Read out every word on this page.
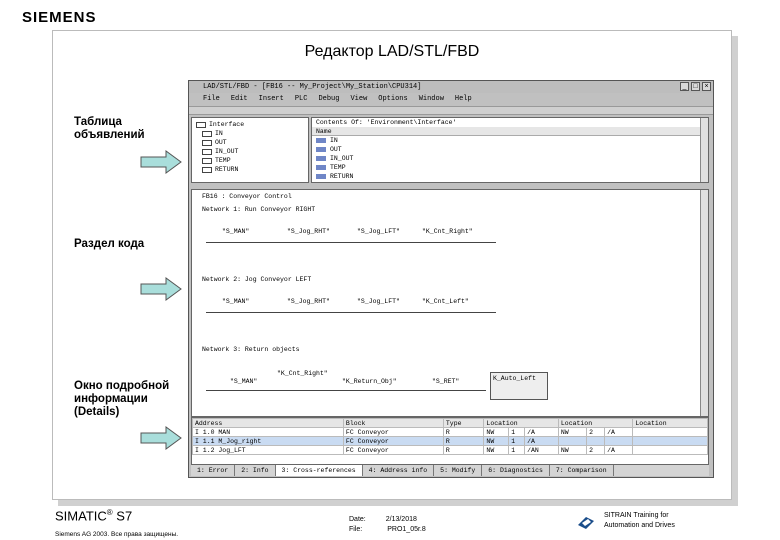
SIEMENS
Редактор LAD/STL/FBD
Таблица объявлений
Раздел кода
Окно подробной информации (Details)
LAD/STL/FBD - [FB16 -- My_Project\My_Station\CPU314]	_ □ ×
File Edit Insert PLC Debug View Options Window Help
Interface
IN
OUT
IN_OUT
TEMP
RETURN
Contents Of: 'Environment\Interface'
Name
IN
OUT
IN_OUT
TEMP
RETURN
FB16 : Conveyor Control
Network 1: Run Conveyor RIGHT
"S_MAN"	"S_Jog_RHT"	"S_Jog_LFT"	"K_Cnt_Right"
Network 2: Jog Conveyor LEFT
"S_MAN"	"S_Jog_RHT"	"S_Jog_LFT"	"K_Cnt_Left"
Network 3: Return objects
"K_Cnt_Right"
"S_MAN"	"K_Return_Obj"	"S_RET"	K_Auto_Left
Address	Block	Type	Location			Location			Location
I 1.0 MAN	FC Conveyor	R	NW	1	/A	NW	2	/A	
I 1.1 M_Jog_right	FC Conveyor	R	NW	1	/A				
I 1.2 Jog_LFT	FC Conveyor	R	NW	1	/AN	NW	2	/A	
1: Error	2: Info	3: Cross-references	4: Address info	5: Modify	6: Diagnostics	7: Comparison
SIMATIC® S7
Siemens AG 2003. Все права защищены.
Date:	2/13/2018
File:	PRO1_05r.8
SITRAIN Training for
Automation and Drives
